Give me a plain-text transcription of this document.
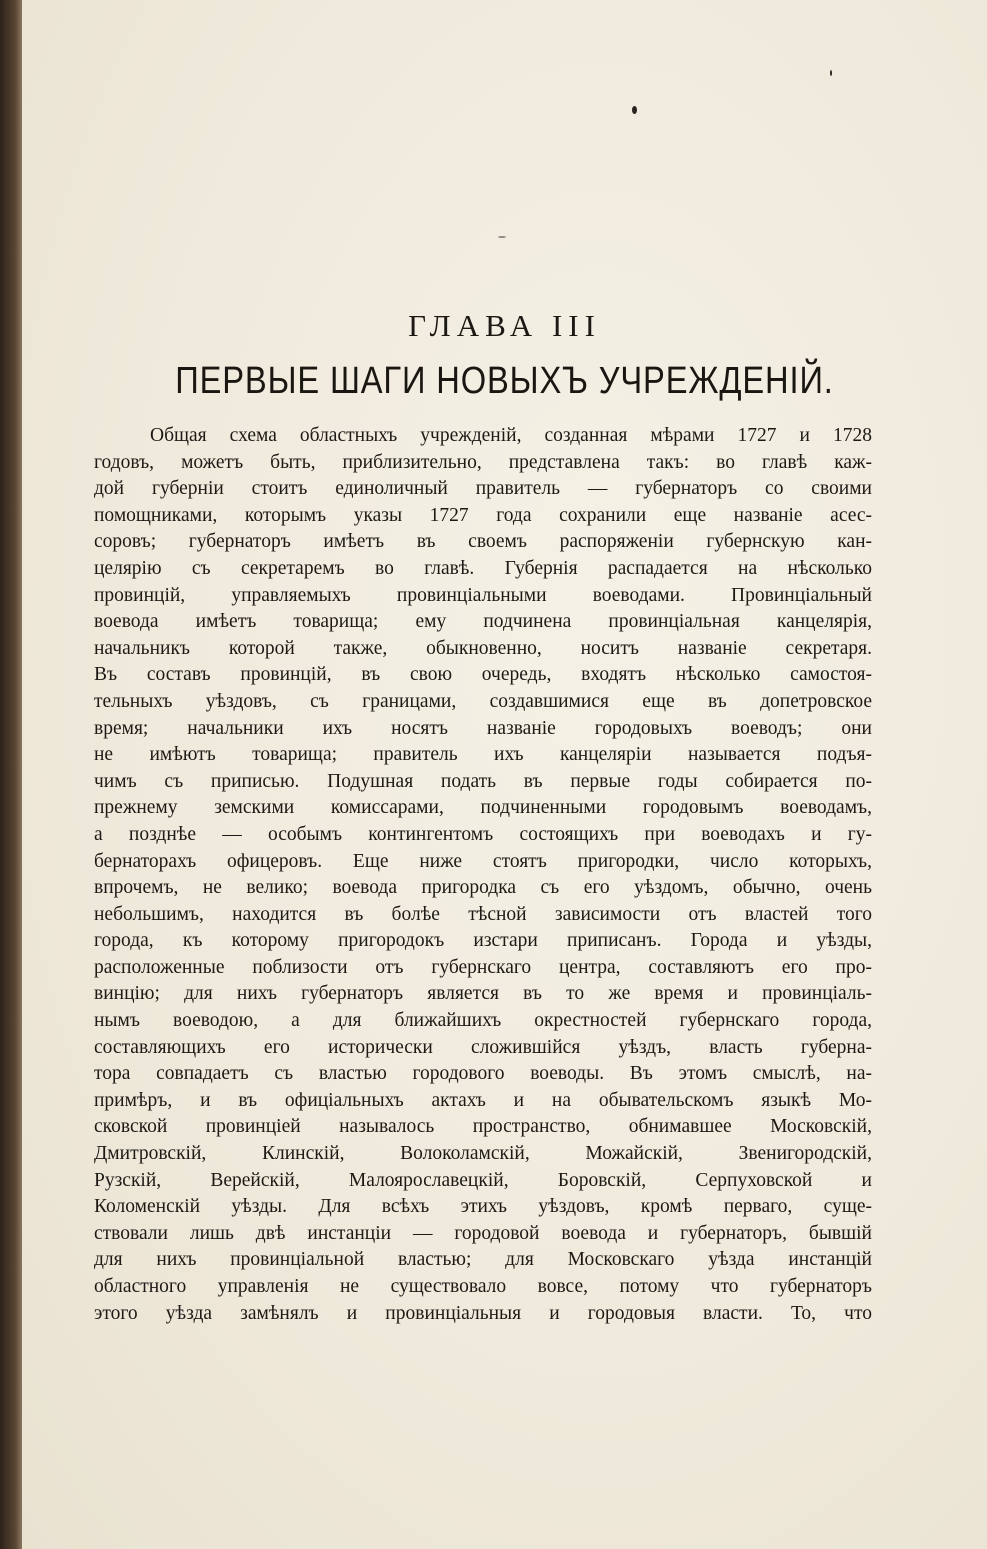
ГЛАВА III
ПЕРВЫЕ ШАГИ НОВЫХЪ УЧРЕЖДЕНІЙ.
Общая схема областныхъ учрежденій, созданная мѣрами 1727 и 1728
годовъ, можетъ быть, приблизительно, представлена такъ: во главѣ каж-
дой губерніи стоитъ единоличный правитель — губернаторъ со своими
помощниками, которымъ указы 1727 года сохранили еще названіе асес-
соровъ; губернаторъ имѣетъ въ своемъ распоряженіи губернскую кан-
целярію съ секретаремъ во главѣ. Губернія распадается на нѣсколько
провинцій, управляемыхъ провинціальными воеводами. Провинціальный
воевода имѣетъ товарища; ему подчинена провинціальная канцелярія,
начальникъ которой также, обыкновенно, носитъ названіе секретаря.
Въ составъ провинцій, въ свою очередь, входятъ нѣсколько самостоя-
тельныхъ уѣздовъ, съ границами, создавшимися еще въ допетровское
время; начальники ихъ носятъ названіе городовыхъ воеводъ; они
не имѣютъ товарища; правитель ихъ канцеляріи называется подъя-
чимъ съ приписью. Подушная подать въ первые годы собирается по-
прежнему земскими комиссарами, подчиненными городовымъ воеводамъ,
а позднѣе — особымъ контингентомъ состоящихъ при воеводахъ и гу-
бернаторахъ офицеровъ. Еще ниже стоятъ пригородки, число которыхъ,
впрочемъ, не велико; воевода пригородка съ его уѣздомъ, обычно, очень
небольшимъ, находится въ болѣе тѣсной зависимости отъ властей того
города, къ которому пригородокъ изстари приписанъ. Города и уѣзды,
расположенные поблизости отъ губернскаго центра, составляютъ его про-
винцію; для нихъ губернаторъ является въ то же время и провинціаль-
нымъ воеводою, а для ближайшихъ окрестностей губернскаго города,
составляющихъ его исторически сложившійся уѣздъ, власть губерна-
тора совпадаетъ съ властью городового воеводы. Въ этомъ смыслѣ, на-
примѣръ, и въ офиціальныхъ актахъ и на обывательскомъ языкѣ Мо-
сковской провинціей называлось пространство, обнимавшее Московскій,
Дмитровскій, Клинскій, Волоколамскій, Можайскій, Звенигородскій,
Рузскій, Верейскій, Малоярославецкій, Боровскій, Серпуховской и
Коломенскій уѣзды. Для всѣхъ этихъ уѣздовъ, кромѣ перваго, суще-
ствовали лишь двѣ инстанціи — городовой воевода и губернаторъ, бывшій
для нихъ провинціальной властью; для Московскаго уѣзда инстанцій
областного управленія не существовало вовсе, потому что губернаторъ
этого уѣзда замѣнялъ и провинціальныя и городовыя власти. То, что
